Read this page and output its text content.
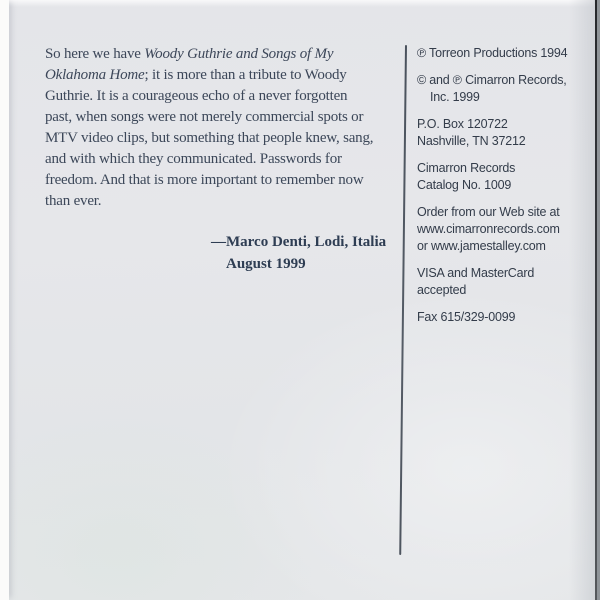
So here we have Woody Guthrie and Songs of My
Oklahoma Home; it is more than a tribute to Woody
Guthrie. It is a courageous echo of a never forgotten
past, when songs were not merely commercial spots or
MTV video clips, but something that people knew, sang,
and with which they communicated. Passwords for
freedom. And that is more important to remember now
than ever.
—Marco Denti, Lodi, Italia
August 1999
℗ Torreon Productions 1994
© and ℗ Cimarron Records,
Inc. 1999
P.O. Box 120722
Nashville, TN 37212
Cimarron Records
Catalog No. 1009
Order from our Web site at
www.cimarronrecords.com
or www.jamestalley.com
VISA and MasterCard
accepted
Fax 615/329-0099
